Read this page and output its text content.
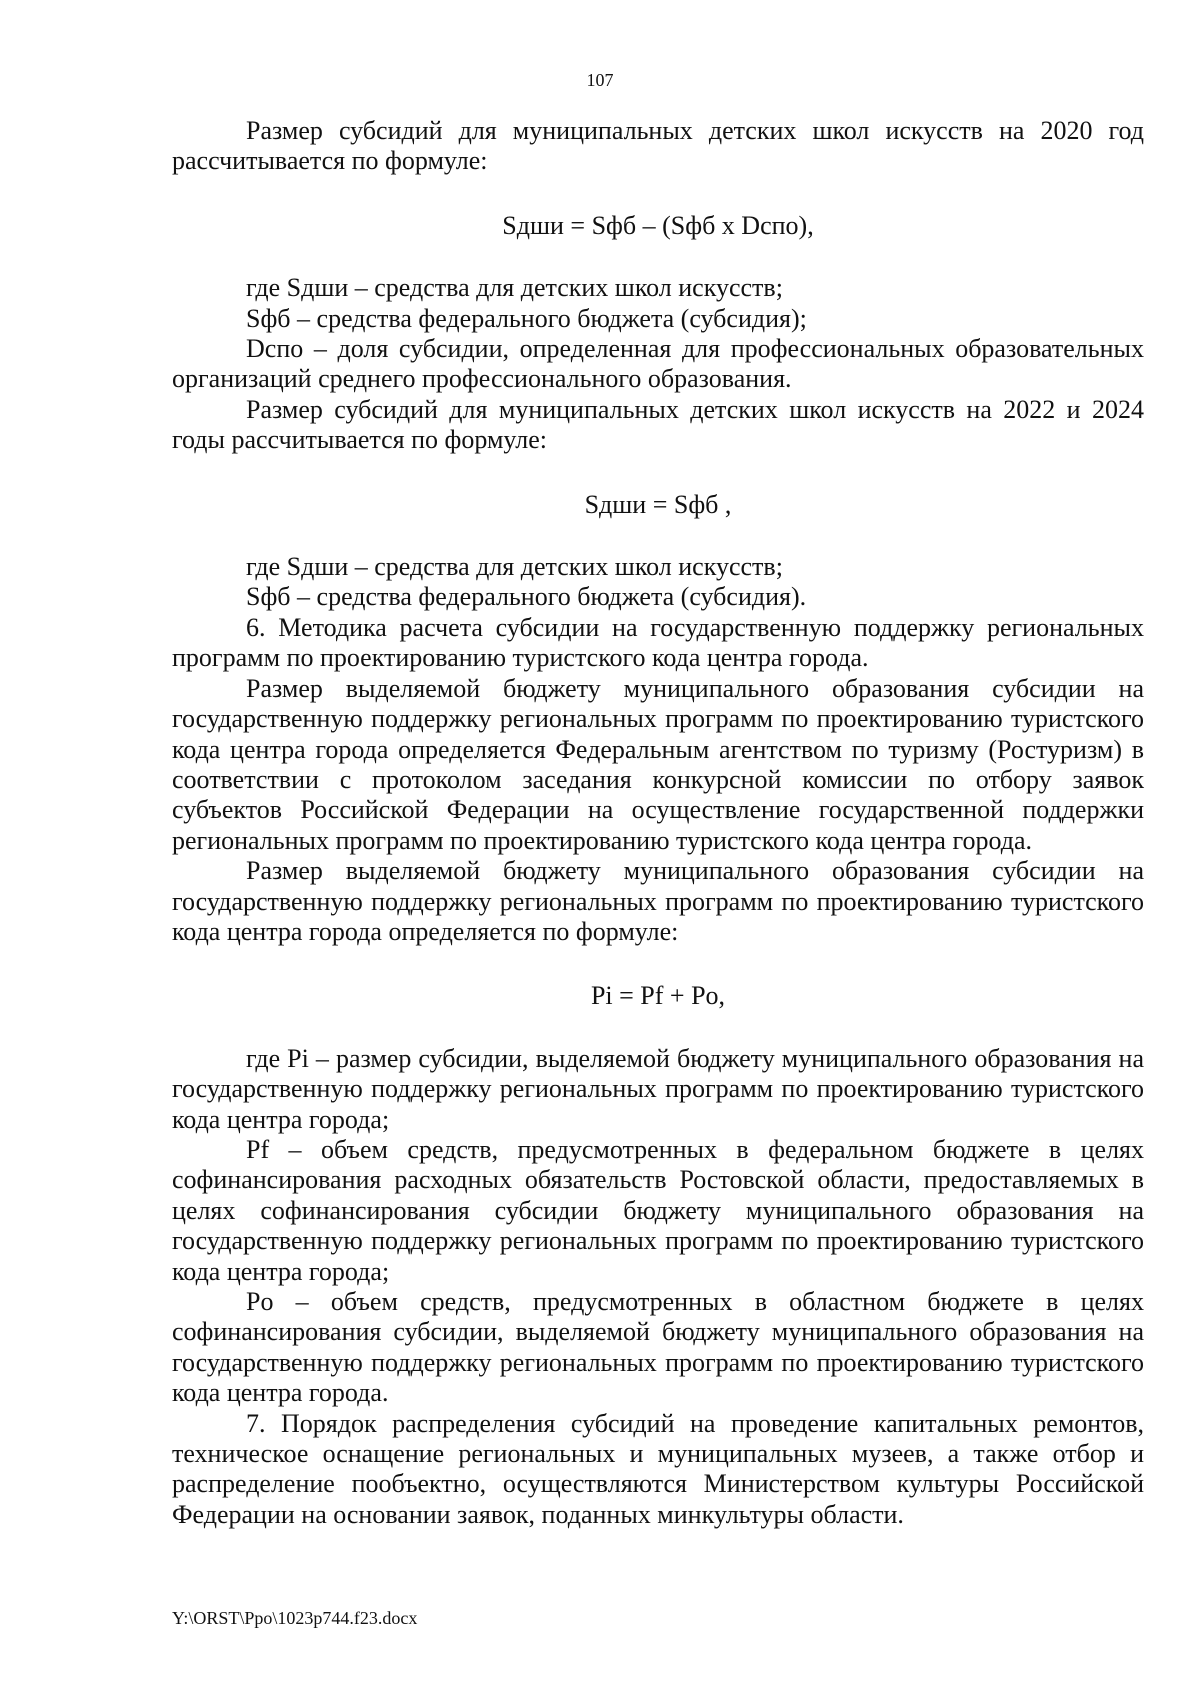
107

Размер субсидий для муниципальных детских школ искусств на 2020 год рассчитывается по формуле:

Sдши = Sфб – (Sфб х Dспо),

где Sдши – средства для детских школ искусств;

Sфб – средства федерального бюджета (субсидия);

Dспо – доля субсидии, определенная для профессиональных образовательных организаций среднего профессионального образования.

Размер субсидий для муниципальных детских школ искусств на 2022 и 2024 годы рассчитывается по формуле:

Sдши = Sфб ,

где Sдши – средства для детских школ искусств;

Sфб – средства федерального бюджета (субсидия).

6. Методика расчета субсидии на государственную поддержку региональных программ по проектированию туристского кода центра города.

Размер выделяемой бюджету муниципального образования субсидии на государственную поддержку региональных программ по проектированию туристского кода центра города определяется Федеральным агентством по туризму (Ростуризм) в соответствии с протоколом заседания конкурсной комиссии по отбору заявок субъектов Российской Федерации на осуществление государственной поддержки региональных программ по проектированию туристского кода центра города.

Размер выделяемой бюджету муниципального образования субсидии на государственную поддержку региональных программ по проектированию туристского кода центра города определяется по формуле:

Pi = Pf + Po,

где Pi – размер субсидии, выделяемой бюджету муниципального образования на государственную поддержку региональных программ по проектированию туристского кода центра города;

Pf – объем средств, предусмотренных в федеральном бюджете в целях софинансирования расходных обязательств Ростовской области, предоставляемых в целях софинансирования субсидии бюджету муниципального образования на государственную поддержку региональных программ по проектированию туристского кода центра города;

Po – объем средств, предусмотренных в областном бюджете в целях софинансирования субсидии, выделяемой бюджету муниципального образования на государственную поддержку региональных программ по проектированию туристского кода центра города.

7. Порядок распределения субсидий на проведение капитальных ремонтов, техническое оснащение региональных и муниципальных музеев, а также отбор и распределение пообъектно, осуществляются Министерством культуры Российской Федерации на основании заявок, поданных минкультуры области.

Y:\ORST\Ppo\1023p744.f23.docx
